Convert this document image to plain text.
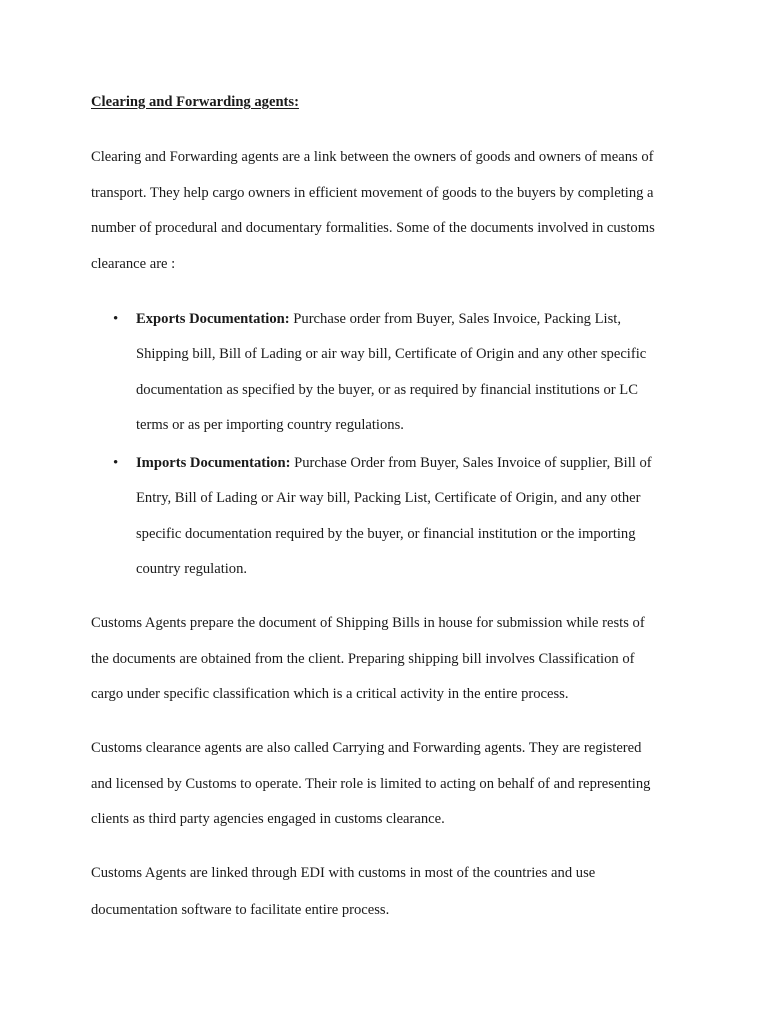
Clearing and Forwarding agents:
Clearing and Forwarding agents are a link between the owners of goods and owners of means of
transport. They help cargo owners in efficient movement of goods to the buyers by completing a
number of procedural and documentary formalities. Some of the documents involved in customs
clearance are :
• Exports Documentation: Purchase order from Buyer, Sales Invoice, Packing List,
Shipping bill, Bill of Lading or air way bill, Certificate of Origin and any other specific
documentation as specified by the buyer, or as required by financial institutions or LC
terms or as per importing country regulations.
• Imports Documentation: Purchase Order from Buyer, Sales Invoice of supplier, Bill of
Entry, Bill of Lading or Air way bill, Packing List, Certificate of Origin, and any other
specific documentation required by the buyer, or financial institution or the importing
country regulation.
Customs Agents prepare the document of Shipping Bills in house for submission while rests of
the documents are obtained from the client. Preparing shipping bill involves Classification of
cargo under specific classification which is a critical activity in the entire process.
Customs clearance agents are also called Carrying and Forwarding agents. They are registered
and licensed by Customs to operate. Their role is limited to acting on behalf of and representing
clients as third party agencies engaged in customs clearance.
Customs Agents are linked through EDI with customs in most of the countries and use
documentation software to facilitate entire process.
